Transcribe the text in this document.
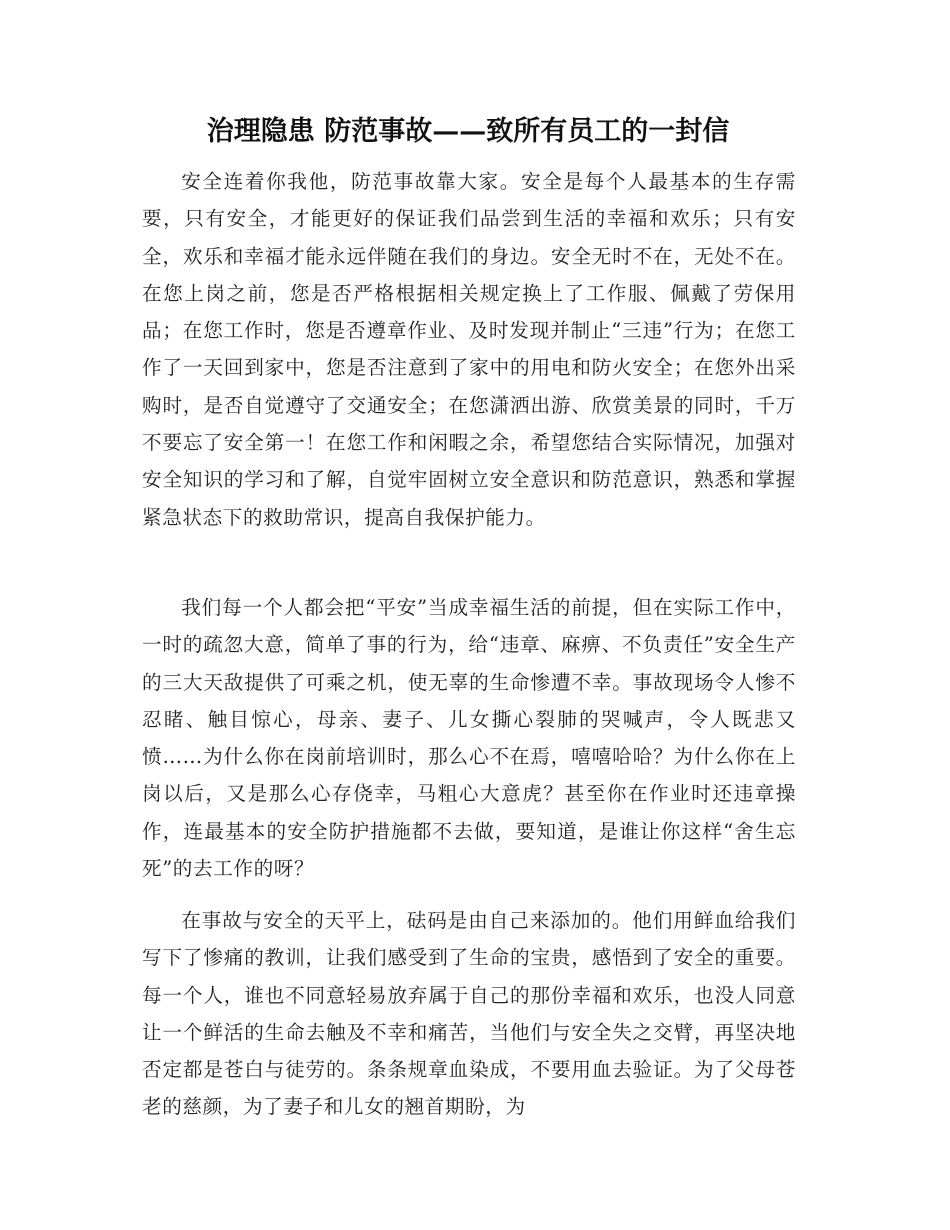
治理隐患 防范事故——致所有员工的一封信

安全连着你我他，防范事故靠大家。安全是每个人最基本的生存需要，只有安全，才能更好的保证我们品尝到生活的幸福和欢乐；只有安全，欢乐和幸福才能永远伴随在我们的身边。安全无时不在，无处不在。在您上岗之前，您是否严格根据相关规定换上了工作服、佩戴了劳保用品；在您工作时，您是否遵章作业、及时发现并制止“三违”行为；在您工作了一天回到家中，您是否注意到了家中的用电和防火安全；在您外出采购时，是否自觉遵守了交通安全；在您潇洒出游、欣赏美景的同时，千万不要忘了安全第一！在您工作和闲暇之余，希望您结合实际情况，加强对安全知识的学习和了解，自觉牢固树立安全意识和防范意识，熟悉和掌握紧急状态下的救助常识，提高自我保护能力。

我们每一个人都会把“平安”当成幸福生活的前提，但在实际工作中，一时的疏忽大意，简单了事的行为，给“违章、麻痹、不负责任”安全生产的三大天敌提供了可乘之机，使无辜的生命惨遭不幸。事故现场令人惨不忍睹、触目惊心，母亲、妻子、儿女撕心裂肺的哭喊声，令人既悲又愤……为什么你在岗前培训时，那么心不在焉，嘻嘻哈哈？为什么你在上岗以后，又是那么心存侥幸，马粗心大意虎？甚至你在作业时还违章操作，连最基本的安全防护措施都不去做，要知道，是谁让你这样“舍生忘死”的去工作的呀？

在事故与安全的天平上，砝码是由自己来添加的。他们用鲜血给我们写下了惨痛的教训，让我们感受到了生命的宝贵，感悟到了安全的重要。每一个人，谁也不同意轻易放弃属于自己的那份幸福和欢乐，也没人同意让一个鲜活的生命去触及不幸和痛苦，当他们与安全失之交臂，再坚决地否定都是苍白与徒劳的。条条规章血染成，不要用血去验证。为了父母苍老的慈颜，为了妻子和儿女的翘首期盼，为
